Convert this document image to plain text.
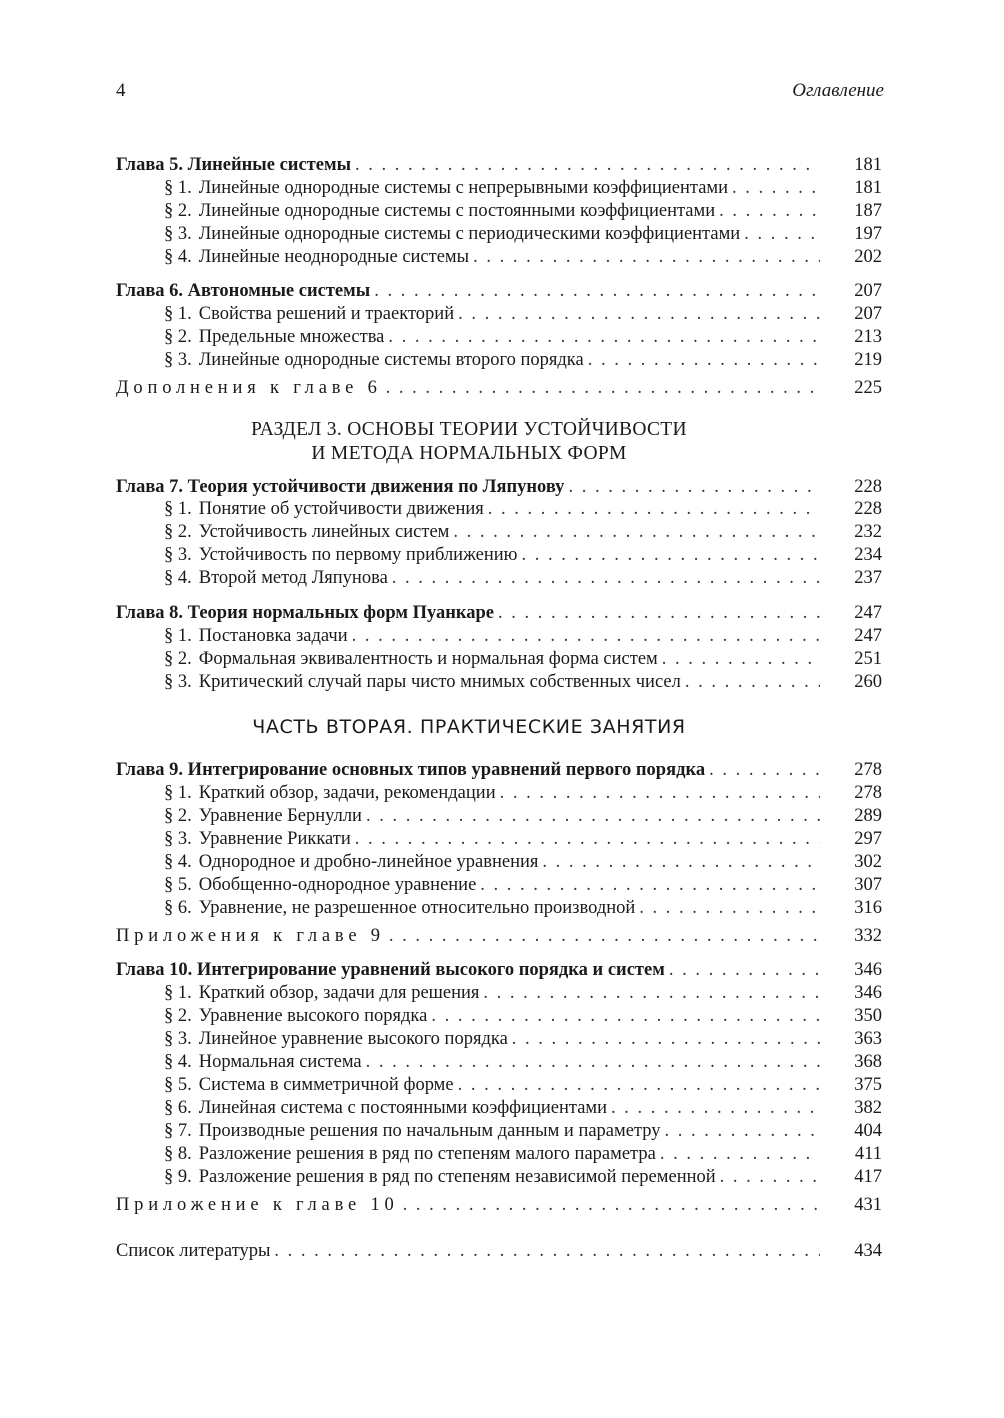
4	Оглавление
Глава 5. Линейные системы . . .	181
§ 1. Линейные однородные системы с непрерывными коэффициентами . . .	181
§ 2. Линейные однородные системы с постоянными коэффициентами . . .	187
§ 3. Линейные однородные системы с периодическими коэффициентами . . .	197
§ 4. Линейные неоднородные системы . . .	202
Глава 6. Автономные системы . . .	207
§ 1. Свойства решений и траекторий . . .	207
§ 2. Предельные множества . . .	213
§ 3. Линейные однородные системы второго порядка . . .	219
Дополнения к главе 6 . . .	225
РАЗДЕЛ 3. ОСНОВЫ ТЕОРИИ УСТОЙЧИВОСТИ
И МЕТОДА НОРМАЛЬНЫХ ФОРМ
Глава 7. Теория устойчивости движения по Ляпунову . . .	228
§ 1. Понятие об устойчивости движения . . .	228
§ 2. Устойчивость линейных систем . . .	232
§ 3. Устойчивость по первому приближению . . .	234
§ 4. Второй метод Ляпунова . . .	237
Глава 8. Теория нормальных форм Пуанкаре . . .	247
§ 1. Постановка задачи . . .	247
§ 2. Формальная эквивалентность и нормальная форма систем . . .	251
§ 3. Критический случай пары чисто мнимых собственных чисел . . .	260
ЧАСТЬ ВТОРАЯ. ПРАКТИЧЕСКИЕ ЗАНЯТИЯ
Глава 9. Интегрирование основных типов уравнений первого порядка . . .	278
§ 1. Краткий обзор, задачи, рекомендации . . .	278
§ 2. Уравнение Бернулли . . .	289
§ 3. Уравнение Риккати . . .	297
§ 4. Однородное и дробно-линейное уравнения . . .	302
§ 5. Обобщенно-однородное уравнение . . .	307
§ 6. Уравнение, не разрешенное относительно производной . . .	316
Приложения к главе 9 . . .	332
Глава 10. Интегрирование уравнений высокого порядка и систем . . .	346
§ 1. Краткий обзор, задачи для решения . . .	346
§ 2. Уравнение высокого порядка . . .	350
§ 3. Линейное уравнение высокого порядка . . .	363
§ 4. Нормальная система . . .	368
§ 5. Система в симметричной форме . . .	375
§ 6. Линейная система с постоянными коэффициентами . . .	382
§ 7. Производные решения по начальным данным и параметру . . .	404
§ 8. Разложение решения в ряд по степеням малого параметра . . .	411
§ 9. Разложение решения в ряд по степеням независимой переменной . . .	417
Приложение к главе 10 . . .	431
Список литературы . . .	434
